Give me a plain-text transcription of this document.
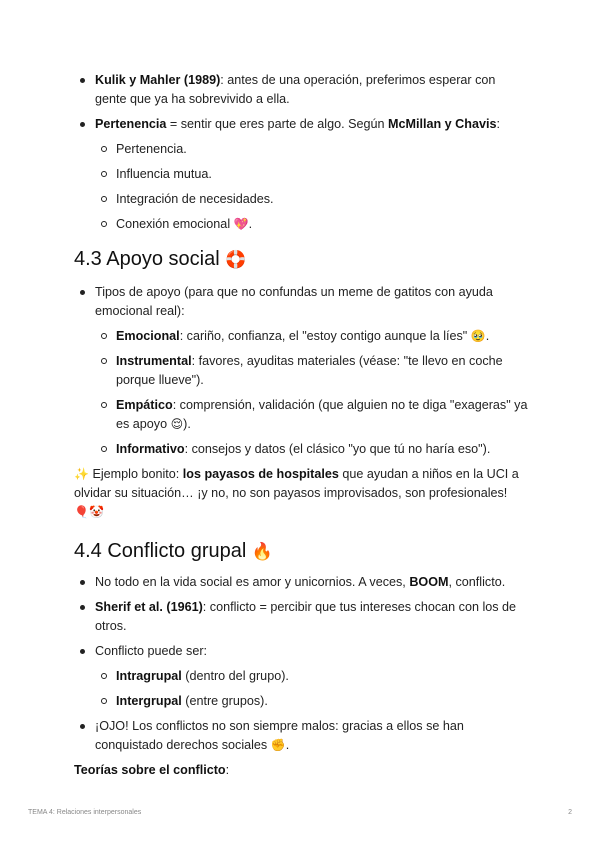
Kulik y Mahler (1989): antes de una operación, preferimos esperar con gente que ya ha sobrevivido a ella.
Pertenencia = sentir que eres parte de algo. Según McMillan y Chavis:
Pertenencia.
Influencia mutua.
Integración de necesidades.
Conexión emocional 💖.
4.3 Apoyo social 🛟
Tipos de apoyo (para que no confundas un meme de gatitos con ayuda emocional real):
Emocional: cariño, confianza, el "estoy contigo aunque la líes" 🥹.
Instrumental: favores, ayuditas materiales (véase: "te llevo en coche porque llueve").
Empático: comprensión, validación (que alguien no te diga "exageras" ya es apoyo 😌).
Informativo: consejos y datos (el clásico "yo que tú no haría eso").

✨ Ejemplo bonito: los payasos de hospitales que ayudan a niños en la UCI a olvidar su situación… ¡y no, no son payasos improvisados, son profesionales!
🎈🤡

4.4 Conflicto grupal 🔥
No todo en la vida social es amor y unicornios. A veces, BOOM, conflicto.
Sherif et al. (1961): conflicto = percibir que tus intereses chocan con los de otros.
Conflicto puede ser:
Intragrupal (dentro del grupo).
Intergrupal (entre grupos).
¡OJO! Los conflictos no son siempre malos: gracias a ellos se han conquistado derechos sociales ✊.

Teorías sobre el conflicto:

TEMA 4: Relaciones interpersonales	2
